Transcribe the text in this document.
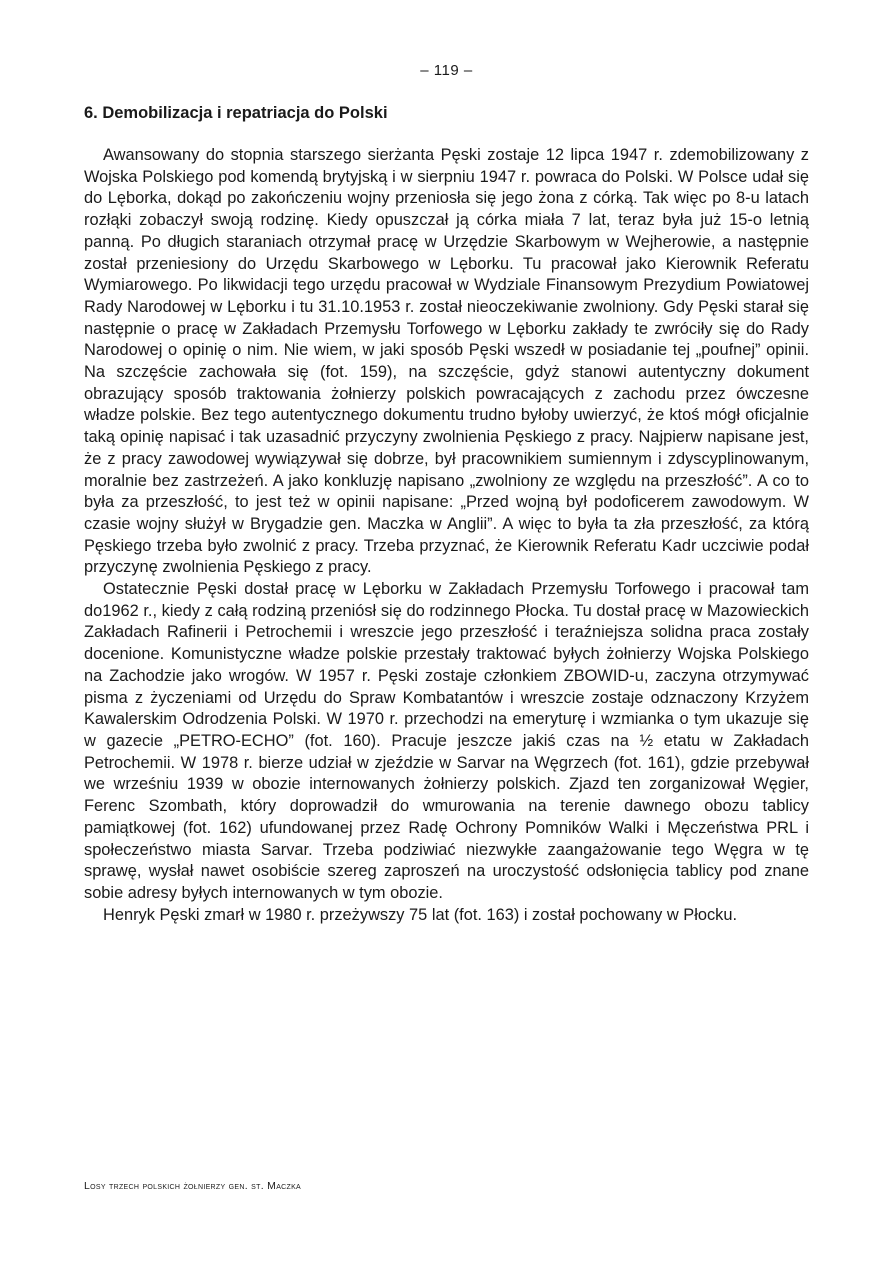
– 119 –
6. Demobilizacja i repatriacja do Polski

Awansowany do stopnia starszego sierżanta Pęski zostaje 12 lipca 1947 r. zdemobilizowany z Wojska Polskiego pod komendą brytyjską i w sierpniu 1947 r. powraca do Polski. W Polsce udał się do Lęborka, dokąd po zakończeniu wojny przeniosła się jego żona z córką. Tak więc po 8-u latach rozłąki zobaczył swoją rodzinę. Kiedy opuszczał ją córka miała 7 lat, teraz była już 15-o letnią panną. Po długich staraniach otrzymał pracę w Urzędzie Skarbowym w Wejherowie, a następnie został przeniesiony do Urzędu Skarbowego w Lęborku. Tu pracował jako Kierownik Referatu Wymiarowego. Po likwidacji tego urzędu pracował w Wydziale Finansowym Prezydium Powiatowej Rady Narodowej w Lęborku i tu 31.10.1953 r. został nieoczekiwanie zwolniony. Gdy Pęski starał się następnie o pracę w Zakładach Przemysłu Torfowego w Lęborku zakłady te zwróciły się do Rady Narodowej o opinię o nim. Nie wiem, w jaki sposób Pęski wszedł w posiadanie tej „poufnej” opinii. Na szczęście zachowała się (fot. 159), na szczęście, gdyż stanowi autentyczny dokument obrazujący sposób traktowania żołnierzy polskich powracających z zachodu przez ówczesne władze polskie. Bez tego autentycznego dokumentu trudno byłoby uwierzyć, że ktoś mógł oficjalnie taką opinię napisać i tak uzasadnić przyczyny zwolnienia Pęskiego z pracy. Najpierw napisane jest, że z pracy zawodowej wywiązywał się dobrze, był pracownikiem sumiennym i zdyscyplinowanym, moralnie bez zastrzeżeń. A jako konkluzję napisano „zwolniony ze względu na przeszłość”. A co to była za przeszłość, to jest też w opinii napisane: „Przed wojną był podoficerem zawodowym. W czasie wojny służył w Brygadzie gen. Maczka w Anglii”. A więc to była ta zła przeszłość, za którą Pęskiego trzeba było zwolnić z pracy. Trzeba przyznać, że Kierownik Referatu Kadr uczciwie podał przyczynę zwolnienia Pęskiego z pracy.

Ostatecznie Pęski dostał pracę w Lęborku w Zakładach Przemysłu Torfowego i pracował tam do1962 r., kiedy z całą rodziną przeniósł się do rodzinnego Płocka. Tu dostał pracę w Mazowieckich Zakładach Rafinerii i Petrochemii i wreszcie jego przeszłość i teraźniejsza solidna praca zostały docenione. Komunistyczne władze polskie przestały traktować byłych żołnierzy Wojska Polskiego na Zachodzie jako wrogów. W 1957 r. Pęski zostaje członkiem ZBOWID-u, zaczyna otrzymywać pisma z życzeniami od Urzędu do Spraw Kombatantów i wreszcie zostaje odznaczony Krzyżem Kawalerskim Odrodzenia Polski. W 1970 r. przechodzi na emeryturę i wzmianka o tym ukazuje się w gazecie „PETRO-ECHO” (fot. 160). Pracuje jeszcze jakiś czas na ½ etatu w Zakładach Petrochemii. W 1978 r. bierze udział w zjeździe w Sarvar na Węgrzech (fot. 161), gdzie przebywał we wrześniu 1939 w obozie internowanych żołnierzy polskich. Zjazd ten zorganizował Węgier, Ferenc Szombath, który doprowadził do wmurowania na terenie dawnego obozu tablicy pamiątkowej (fot. 162) ufundowanej przez Radę Ochrony Pomników Walki i Męczeństwa PRL i społeczeństwo miasta Sarvar. Trzeba podziwiać niezwykłe zaangażowanie tego Węgra w tę sprawę, wysłał nawet osobiście szereg zaproszeń na uroczystość odsłonięcia tablicy pod znane sobie adresy byłych internowanych w tym obozie.

Henryk Pęski zmarł w 1980 r. przeżywszy 75 lat (fot. 163) i został pochowany w Płocku.

Losy trzech polskich żołnierzy gen. st. Maczka
